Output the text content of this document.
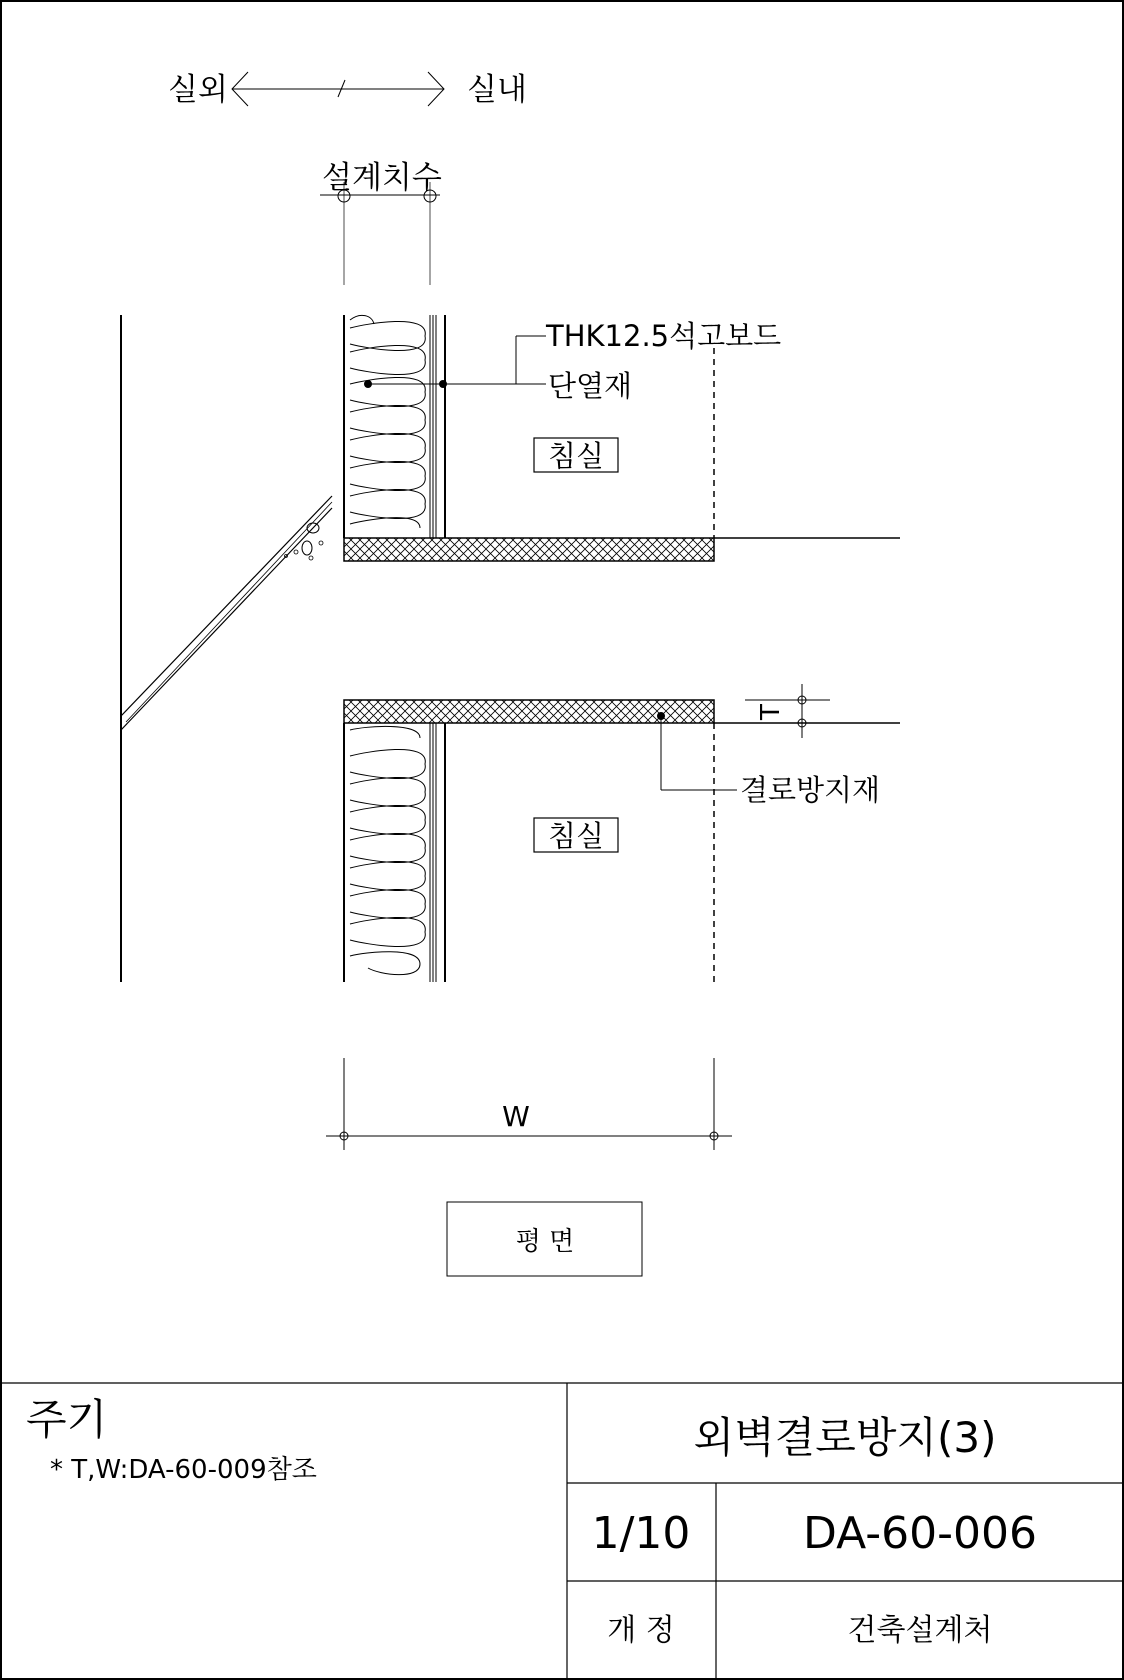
실외	실내
설계치수
THK12.5석고보드
단열재
침실
T
결로방지재
침실
W
평 면
주기
* T,W:DA-60-009참조
외벽결로방지(3)
1/10	DA-60-006
개 정	건축설계처
